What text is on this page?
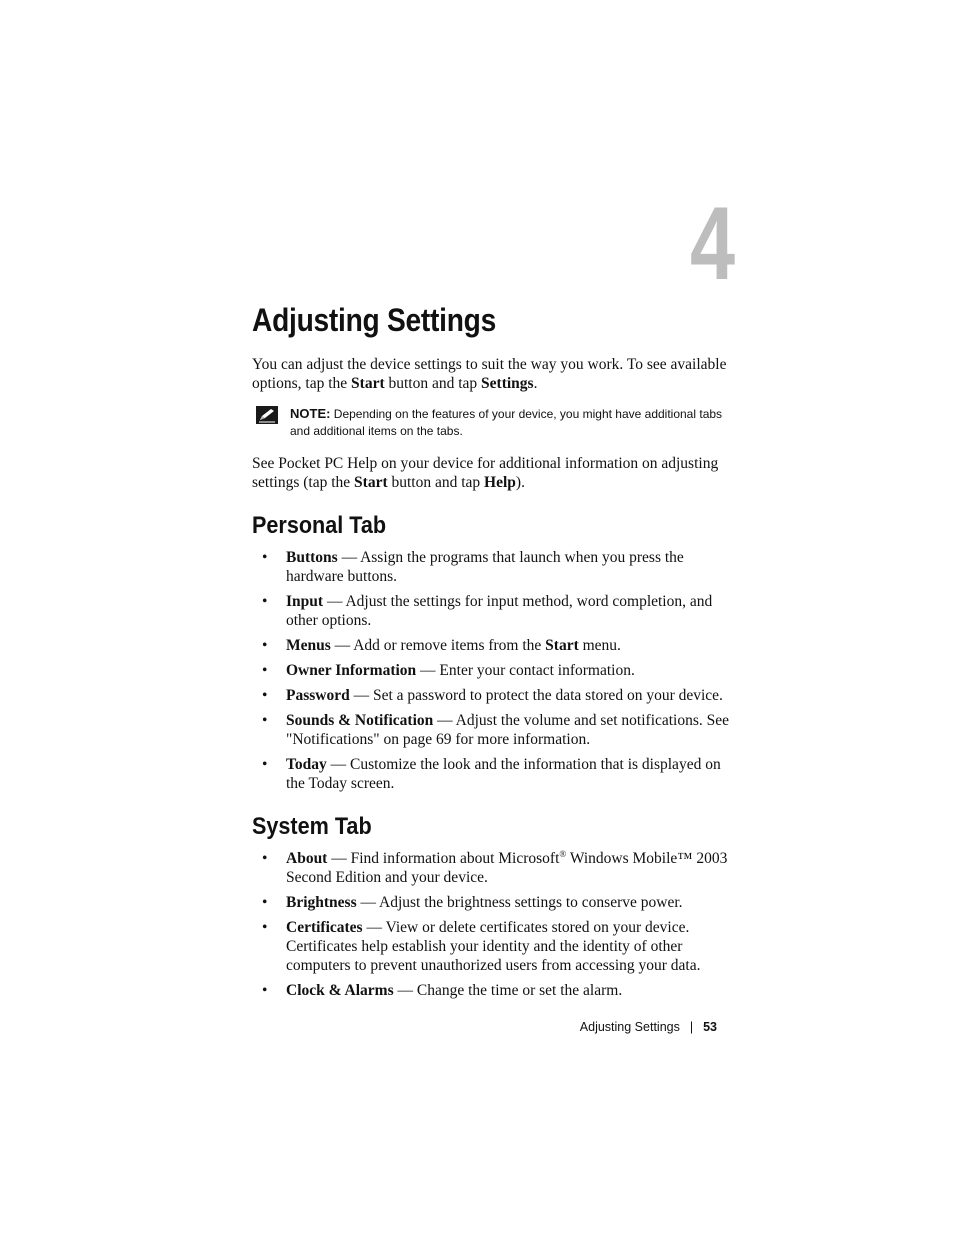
4
Adjusting Settings

You can adjust the device settings to suit the way you work. To see available options, tap the Start button and tap Settings.

NOTE: Depending on the features of your device, you might have additional tabs and additional items on the tabs.

See Pocket PC Help on your device for additional information on adjusting settings (tap the Start button and tap Help).

Personal Tab
• Buttons — Assign the programs that launch when you press the hardware buttons.
• Input — Adjust the settings for input method, word completion, and other options.
• Menus — Add or remove items from the Start menu.
• Owner Information — Enter your contact information.
• Password — Set a password to protect the data stored on your device.
• Sounds & Notification — Adjust the volume and set notifications. See "Notifications" on page 69 for more information.
• Today — Customize the look and the information that is displayed on the Today screen.
System Tab
• About — Find information about Microsoft® Windows Mobile™ 2003 Second Edition and your device.
• Brightness — Adjust the brightness settings to conserve power.
• Certificates — View or delete certificates stored on your device. Certificates help establish your identity and the identity of other computers to prevent unauthorized users from accessing your data.
• Clock & Alarms — Change the time or set the alarm.
Adjusting Settings | 53
